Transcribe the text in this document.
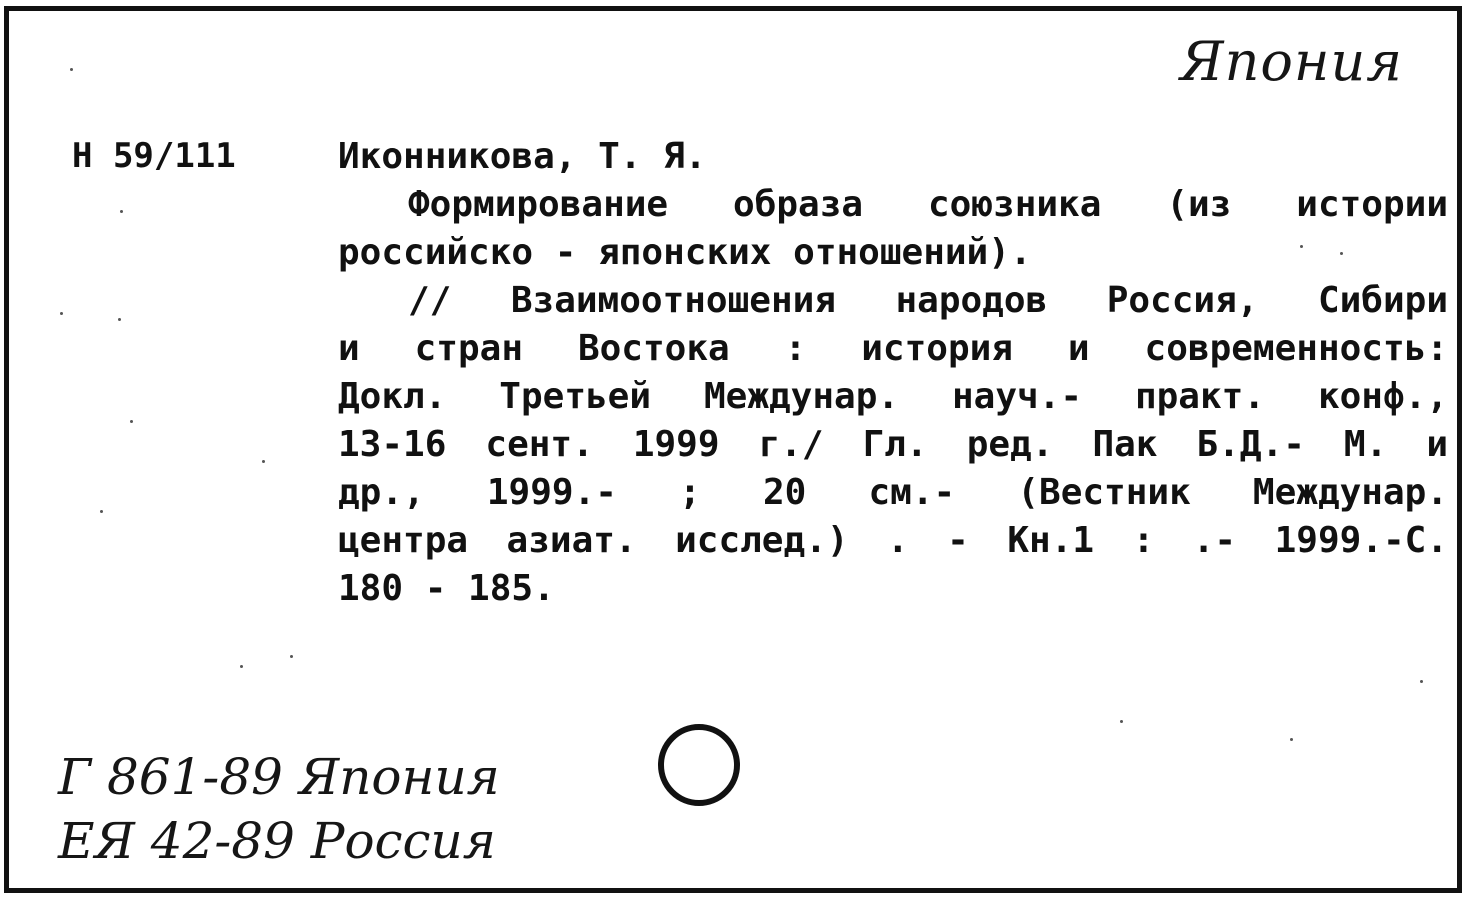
Япония
Н 59/111	Иконникова, Т. Я.
Формирование образа союзника (из истории
российско - японских отношений).
// Взаимоотношения народов Россия, Сибири
и стран Востока : история и современность:
Докл. Третьей Междунар. науч.- практ. конф.,
13-16 сент. 1999 г./ Гл. ред. Пак Б.Д.- М. и
др., 1999.- ; 20 см.- (Вестник Междунар.
центра азиат. исслед.) . - Кн.1 : .- 1999.-С.
180 - 185.
Г 861-89 Япония
ЕЯ 42-89 Россия
